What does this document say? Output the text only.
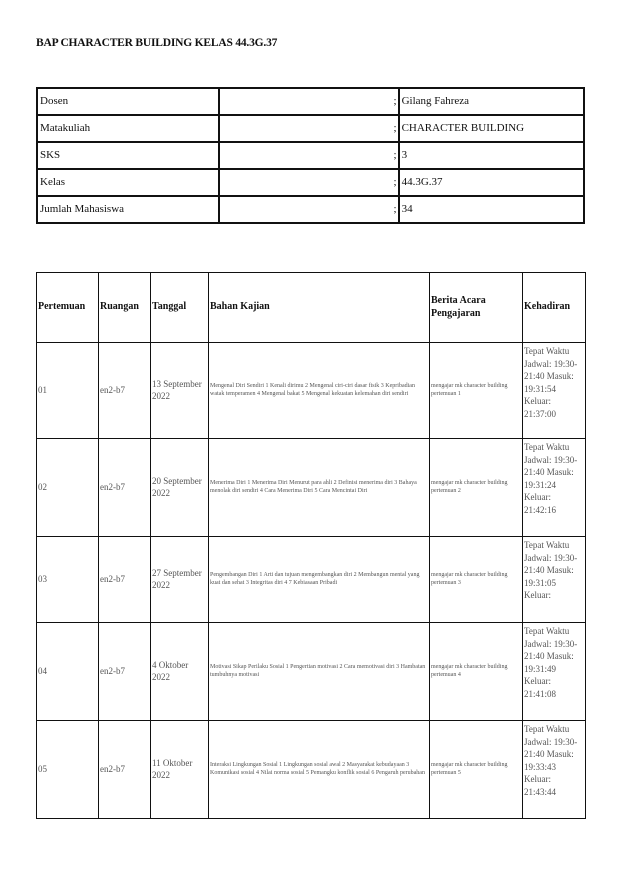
BAP CHARACTER BUILDING KELAS 44.3G.37
Dosen	;	Gilang Fahreza
Matakuliah	;	CHARACTER BUILDING
SKS	;	3
Kelas	;	44.3G.37
Jumlah Mahasiswa	;	34
Pertemuan	Ruangan	Tanggal	Bahan Kajian	Berita Acara Pengajaran	Kehadiran
01	en2-b7	13 September 2022	Mengenal Diri Sendiri 1 Kenali dirimu 2 Mengenal ciri-ciri dasar fisik 3 Kepribadian watak temperamen 4 Mengenal bakat 5 Mengenal kekuatan kelemahan diri sendiri	mengajar mk character building pertemuan 1	Tepat Waktu Jadwal: 19:30-21:40 Masuk: 19:31:54 Keluar: 21:37:00
02	en2-b7	20 September 2022	Menerima Diri 1 Menerima Diri Menurut para ahli 2 Definisi menerima diri 3 Bahaya menolak diri sendiri 4 Cara Menerima Diri 5 Cara Mencintai Diri	mengajar mk character building pertemuan 2	Tepat Waktu Jadwal: 19:30-21:40 Masuk: 19:31:24 Keluar: 21:42:16
03	en2-b7	27 September 2022	Pengembangan Diri 1 Arti dan tujuan mengembangkan diri 2 Membangun mental yang kuat dan sehat 3 Integritas diri 4 7 Kebiasaan Pribadi	mengajar mk character building pertemuan 3	Tepat Waktu Jadwal: 19:30-21:40 Masuk: 19:31:05 Keluar:
04	en2-b7	4 Oktober 2022	Motivasi Sikap Perilaku Sosial 1 Pengertian motivasi 2 Cara memotivasi diri 3 Hambatan tumbuhnya motivasi	mengajar mk character building pertemuan 4	Tepat Waktu Jadwal: 19:30-21:40 Masuk: 19:31:49 Keluar: 21:41:08
05	en2-b7	11 Oktober 2022	Interaksi Lingkungan Sosial 1 Lingkungan sosial awal 2 Masyarakat kebudayaan 3 Komunikasi sosial 4 Nilai norma sosial 5 Pemangku konflik sosial 6 Pengaruh perubahan	mengajar mk character building pertemuan 5	Tepat Waktu Jadwal: 19:30-21:40 Masuk: 19:33:43 Keluar: 21:43:44
